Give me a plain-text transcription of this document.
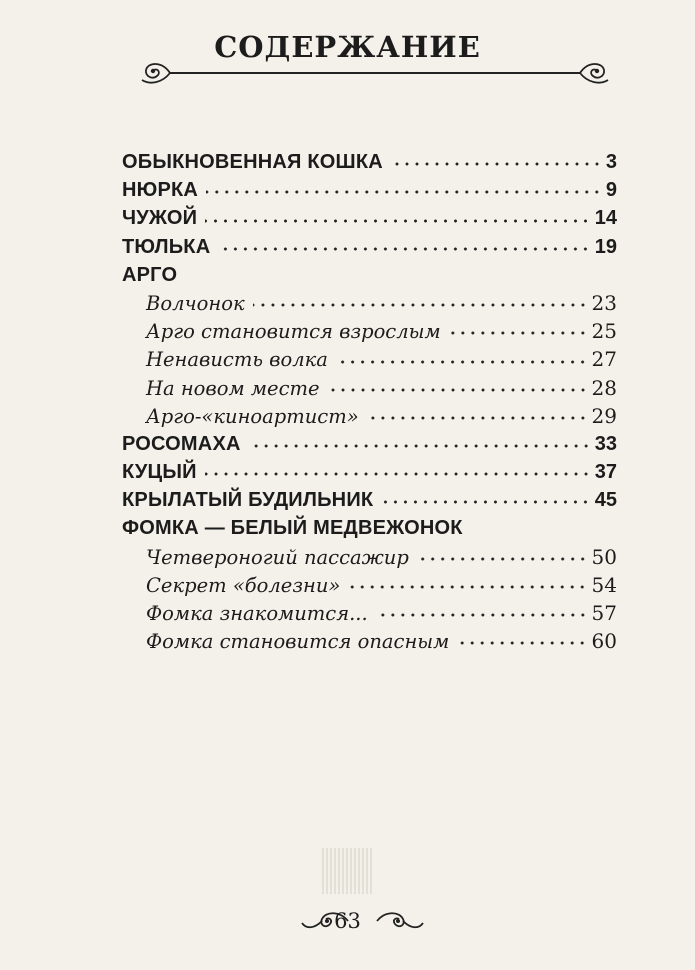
СОДЕРЖАНИЕ
ОБЫКНОВЕННАЯ КОШКА	3
НЮРКА	9
ЧУЖОЙ	14
ТЮЛЬКА	19
АРГО
Волчонок	23
Арго становится взрослым	25
Ненависть волка	27
На новом месте	28
Арго-«киноартист»	29
РОСОМАХА	33
КУЦЫЙ	37
КРЫЛАТЫЙ БУДИЛЬНИК	45
ФОМКА — БЕЛЫЙ МЕДВЕЖОНОК
Четвероногий пассажир	50
Секрет «болезни»	54
Фомка знакомится...	57
Фомка становится опасным	60
63
